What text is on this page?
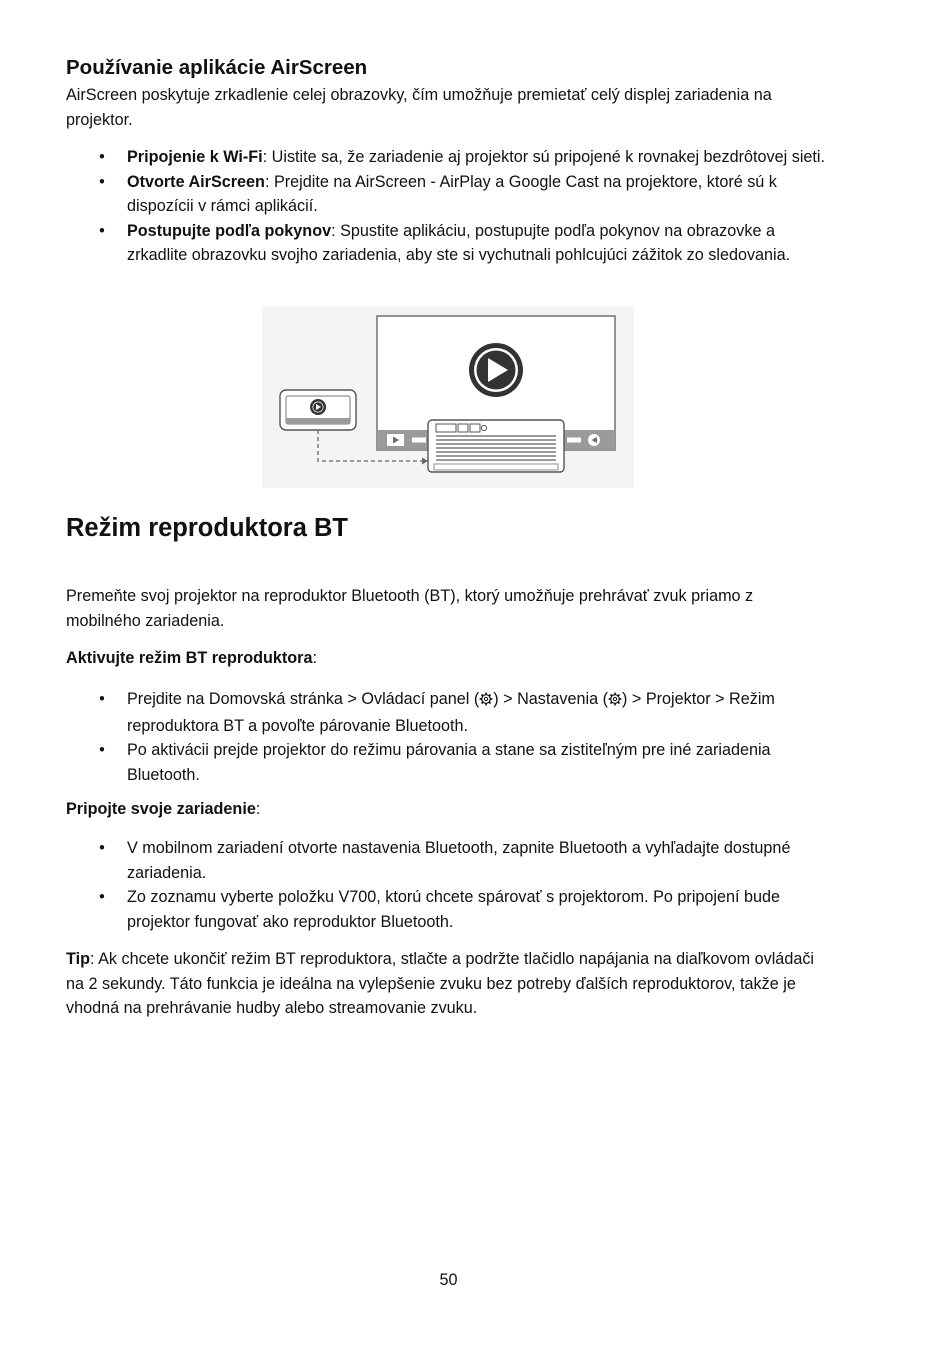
Používanie aplikácie AirScreen

AirScreen poskytuje zrkadlenie celej obrazovky, čím umožňuje premietať celý displej zariadenia na projektor.

• Pripojenie k Wi-Fi: Uistite sa, že zariadenie aj projektor sú pripojené k rovnakej bezdrôtovej sieti.
• Otvorte AirScreen: Prejdite na AirScreen - AirPlay a Google Cast na projektore, ktoré sú k dispozícii v rámci aplikácií.
• Postupujte podľa pokynov: Spustite aplikáciu, postupujte podľa pokynov na obrazovke a zrkadlite obrazovku svojho zariadenia, aby ste si vychutnali pohlcujúci zážitok zo sledovania.
Režim reproduktora BT

Premeňte svoj projektor na reproduktor Bluetooth (BT), ktorý umožňuje prehrávať zvuk priamo z mobilného zariadenia.

Aktivujte režim BT reproduktora:

• Prejdite na Domovská stránka > Ovládací panel ( ) > Nastavenia ( ) > Projektor > Režim reproduktora BT a povoľte párovanie Bluetooth.
• Po aktivácii prejde projektor do režimu párovania a stane sa zistiteľným pre iné zariadenia Bluetooth.

Pripojte svoje zariadenie:

• V mobilnom zariadení otvorte nastavenia Bluetooth, zapnite Bluetooth a vyhľadajte dostupné zariadenia.
• Zo zoznamu vyberte položku V700, ktorú chcete spárovať s projektorom. Po pripojení bude projektor fungovať ako reproduktor Bluetooth.

Tip: Ak chcete ukončiť režim BT reproduktora, stlačte a podržte tlačidlo napájania na diaľkovom ovládači na 2 sekundy. Táto funkcia je ideálna na vylepšenie zvuku bez potreby ďalších reproduktorov, takže je vhodná na prehrávanie hudby alebo streamovanie zvuku.

50
